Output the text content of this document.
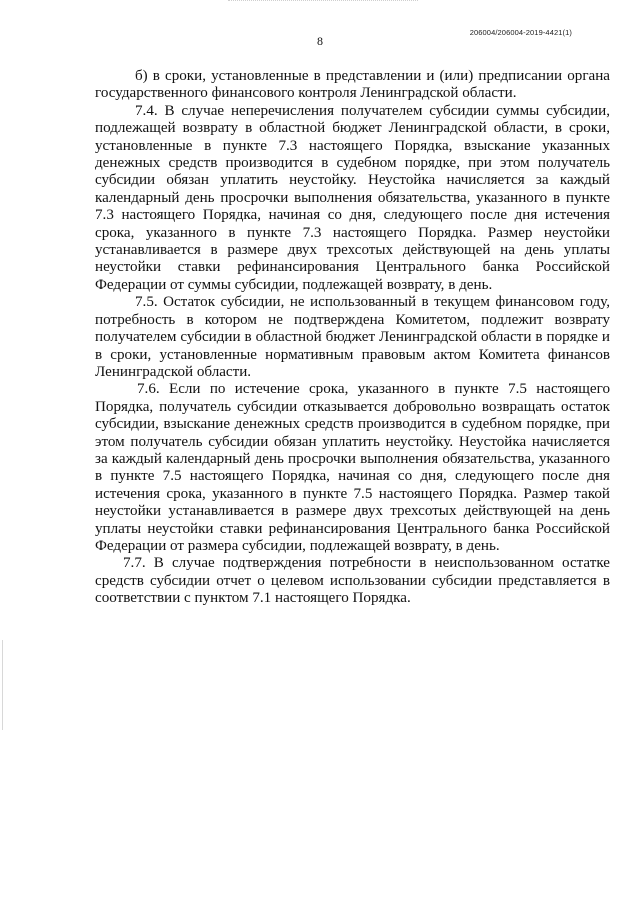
206004/206004-2019-4421(1)
8

б) в сроки, установленные в представлении и (или) предписании органа государственного финансового контроля Ленинградской области.

7.4. В случае неперечисления получателем субсидии суммы субсидии, подлежащей возврату в областной бюджет Ленинградской области, в сроки, установленные в пункте 7.3 настоящего Порядка, взыскание указанных денежных средств производится в судебном порядке, при этом получатель субсидии обязан уплатить неустойку. Неустойка начисляется за каждый календарный день просрочки выполнения обязательства, указанного в пункте 7.3 настоящего Порядка, начиная со дня, следующего после дня истечения срока, указанного в пункте 7.3 настоящего Порядка. Размер неустойки устанавливается в размере двух трехсотых действующей на день уплаты неустойки ставки рефинансирования Центрального банка Российской Федерации от суммы субсидии, подлежащей возврату, в день.

7.5. Остаток субсидии, не использованный в текущем финансовом году, потребность в котором не подтверждена Комитетом, подлежит возврату получателем субсидии в областной бюджет Ленинградской области в порядке и в сроки, установленные нормативным правовым актом Комитета финансов Ленинградской области.

7.6. Если по истечение срока, указанного в пункте 7.5 настоящего Порядка, получатель субсидии отказывается добровольно возвращать остаток субсидии, взыскание денежных средств производится в судебном порядке, при этом получатель субсидии обязан уплатить неустойку. Неустойка начисляется за каждый календарный день просрочки выполнения обязательства, указанного в пункте 7.5 настоящего Порядка, начиная со дня, следующего после дня истечения срока, указанного в пункте 7.5 настоящего Порядка. Размер такой неустойки устанавливается в размере двух трехсотых действующей на день уплаты неустойки ставки рефинансирования Центрального банка Российской Федерации от размера субсидии, подлежащей возврату, в день.

7.7. В случае подтверждения потребности в неиспользованном остатке средств субсидии отчет о целевом использовании субсидии представляется в соответствии с пунктом 7.1 настоящего Порядка.
